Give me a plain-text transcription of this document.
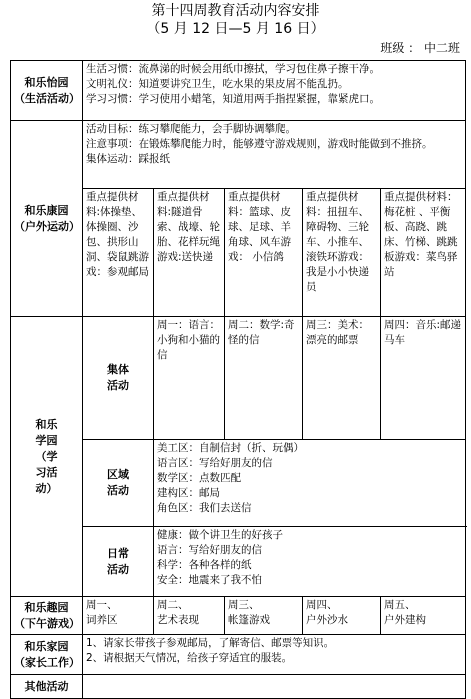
第十四周教育活动内容安排
（5 月 12 日—5 月 16 日）
班级 ： 中二班
和乐怡园
（生活活动）	生活习惯：流鼻涕的时候会用纸巾擦拭，学习包住鼻子擦干净。
文明礼仪：知道要讲究卫生，吃水果的果皮屑不能乱扔。
学习习惯：学习使用小蜡笔，知道用两手指捏紧握，靠紧虎口。					

和乐康园
（户外运动）	活动目标：练习攀爬能力，会手脚协调攀爬。
注意事项：在锻炼攀爬能力时，能够遵守游戏规则，游戏时能做到不推挤。
集体运动：踩报纸					

	重点提供材料:体操垫、体操圈、沙包、拱形山洞、袋鼠跳游戏：参观邮局	重点提供材料:隧道骨索、战壕、轮胎、花样玩绳游戏:送快递	重点提供材料：篮球、皮球、足球、羊角球、风车游戏： 小信鸽	重点提供材料：扭扭车、障碍物、三轮车、小推车、滚铁环游戏：我是小小快递员	重点提供材料：梅花桩 、平衡板、高跷、跳床、竹梯、跳跳板游戏：菜鸟驿站	

和乐
学园
（学
习活
动）	集体
活动	周一：语言：小狗和小猫的信	周二：数学:奇怪的信	周三：美术：漂亮的邮票	周四：音乐:邮递马车

	区域
活动	美工区：自制信封（折、玩偶）
语言区：写给好朋友的信
数学区：点数匹配
建构区：邮局
角色区：我们去送信				

	日常
活动	健康：做个讲卫生的好孩子
语言：写给好朋友的信
科学：各种各样的纸
安全：地震来了我不怕				

和乐趣园
（下午游戏）	周一、
词养区	周二、
艺术表现	周三、
帐篷游戏	周四、
户外沙水	周五、
户外建构	

和乐家园
（家长工作）	1、请家长带孩子参观邮局，了解寄信、邮票等知识。
2、请根据天气情况，给孩子穿适宜的服装。					

其他活动						
